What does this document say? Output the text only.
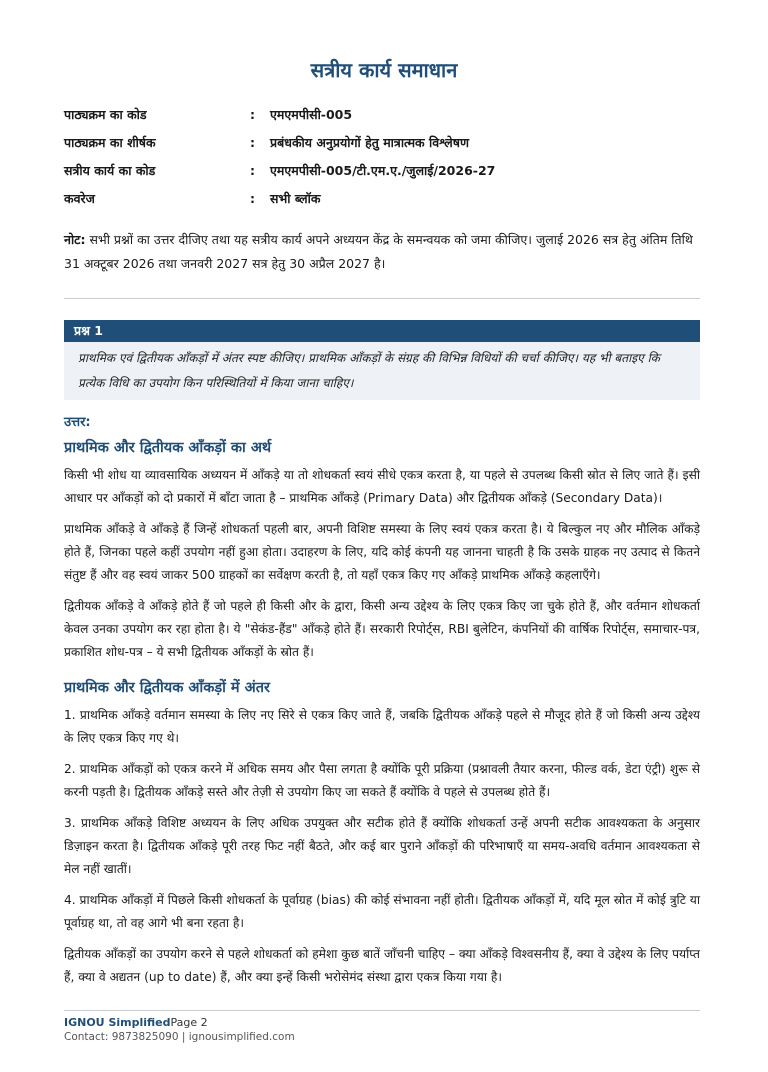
सत्रीय कार्य समाधान
पाठ्यक्रम का कोड	:	एमएमपीसी-005
पाठ्यक्रम का शीर्षक	:	प्रबंधकीय अनुप्रयोगों हेतु मात्रात्मक विश्लेषण
सत्रीय कार्य का कोड	:	एमएमपीसी-005/टी.एम.ए./जुलाई/2026-27
कवरेज	:	सभी ब्लॉक
नोट: सभी प्रश्नों का उत्तर दीजिए तथा यह सत्रीय कार्य अपने अध्ययन केंद्र के समन्वयक को जमा कीजिए। जुलाई 2026 सत्र हेतु अंतिम तिथि 31 अक्टूबर 2026 तथा जनवरी 2027 सत्र हेतु 30 अप्रैल 2027 है।
प्रश्न 1
प्राथमिक एवं द्वितीयक आँकड़ों में अंतर स्पष्ट कीजिए। प्राथमिक आँकड़ों के संग्रह की विभिन्न विधियों की चर्चा कीजिए। यह भी बताइए कि प्रत्येक विधि का उपयोग किन परिस्थितियों में किया जाना चाहिए।
उत्तर:
प्राथमिक और द्वितीयक आँकड़ों का अर्थ

किसी भी शोध या व्यावसायिक अध्ययन में आँकड़े या तो शोधकर्ता स्वयं सीधे एकत्र करता है, या पहले से उपलब्ध किसी स्रोत से लिए जाते हैं। इसी आधार पर आँकड़ों को दो प्रकारों में बाँटा जाता है – प्राथमिक आँकड़े (Primary Data) और द्वितीयक आँकड़े (Secondary Data)।

प्राथमिक आँकड़े वे आँकड़े हैं जिन्हें शोधकर्ता पहली बार, अपनी विशिष्ट समस्या के लिए स्वयं एकत्र करता है। ये बिल्कुल नए और मौलिक आँकड़े होते हैं, जिनका पहले कहीं उपयोग नहीं हुआ होता। उदाहरण के लिए, यदि कोई कंपनी यह जानना चाहती है कि उसके ग्राहक नए उत्पाद से कितने संतुष्ट हैं और वह स्वयं जाकर 500 ग्राहकों का सर्वेक्षण करती है, तो यहाँ एकत्र किए गए आँकड़े प्राथमिक आँकड़े कहलाएँगे।

द्वितीयक आँकड़े वे आँकड़े होते हैं जो पहले ही किसी और के द्वारा, किसी अन्य उद्देश्य के लिए एकत्र किए जा चुके होते हैं, और वर्तमान शोधकर्ता केवल उनका उपयोग कर रहा होता है। ये "सेकंड-हैंड" आँकड़े होते हैं। सरकारी रिपोर्ट्स, RBI बुलेटिन, कंपनियों की वार्षिक रिपोर्ट्स, समाचार-पत्र, प्रकाशित शोध-पत्र – ये सभी द्वितीयक आँकड़ों के स्रोत हैं।

प्राथमिक और द्वितीयक आँकड़ों में अंतर

1. प्राथमिक आँकड़े वर्तमान समस्या के लिए नए सिरे से एकत्र किए जाते हैं, जबकि द्वितीयक आँकड़े पहले से मौजूद होते हैं जो किसी अन्य उद्देश्य के लिए एकत्र किए गए थे।

2. प्राथमिक आँकड़ों को एकत्र करने में अधिक समय और पैसा लगता है क्योंकि पूरी प्रक्रिया (प्रश्नावली तैयार करना, फील्ड वर्क, डेटा एंट्री) शुरू से करनी पड़ती है। द्वितीयक आँकड़े सस्ते और तेज़ी से उपयोग किए जा सकते हैं क्योंकि वे पहले से उपलब्ध होते हैं।

3. प्राथमिक आँकड़े विशिष्ट अध्ययन के लिए अधिक उपयुक्त और सटीक होते हैं क्योंकि शोधकर्ता उन्हें अपनी सटीक आवश्यकता के अनुसार डिज़ाइन करता है। द्वितीयक आँकड़े पूरी तरह फिट नहीं बैठते, और कई बार पुराने आँकड़ों की परिभाषाएँ या समय-अवधि वर्तमान आवश्यकता से मेल नहीं खातीं।

4. प्राथमिक आँकड़ों में पिछले किसी शोधकर्ता के पूर्वाग्रह (bias) की कोई संभावना नहीं होती। द्वितीयक आँकड़ों में, यदि मूल स्रोत में कोई त्रुटि या पूर्वाग्रह था, तो वह आगे भी बना रहता है।

द्वितीयक आँकड़ों का उपयोग करने से पहले शोधकर्ता को हमेशा कुछ बातें जाँचनी चाहिए – क्या आँकड़े विश्वसनीय हैं, क्या वे उद्देश्य के लिए पर्याप्त हैं, क्या वे अद्यतन (up to date) हैं, और क्या इन्हें किसी भरोसेमंद संस्था द्वारा एकत्र किया गया है।

IGNOU SimplifiedPage 2
Contact: 9873825090 | ignousimplified.com
